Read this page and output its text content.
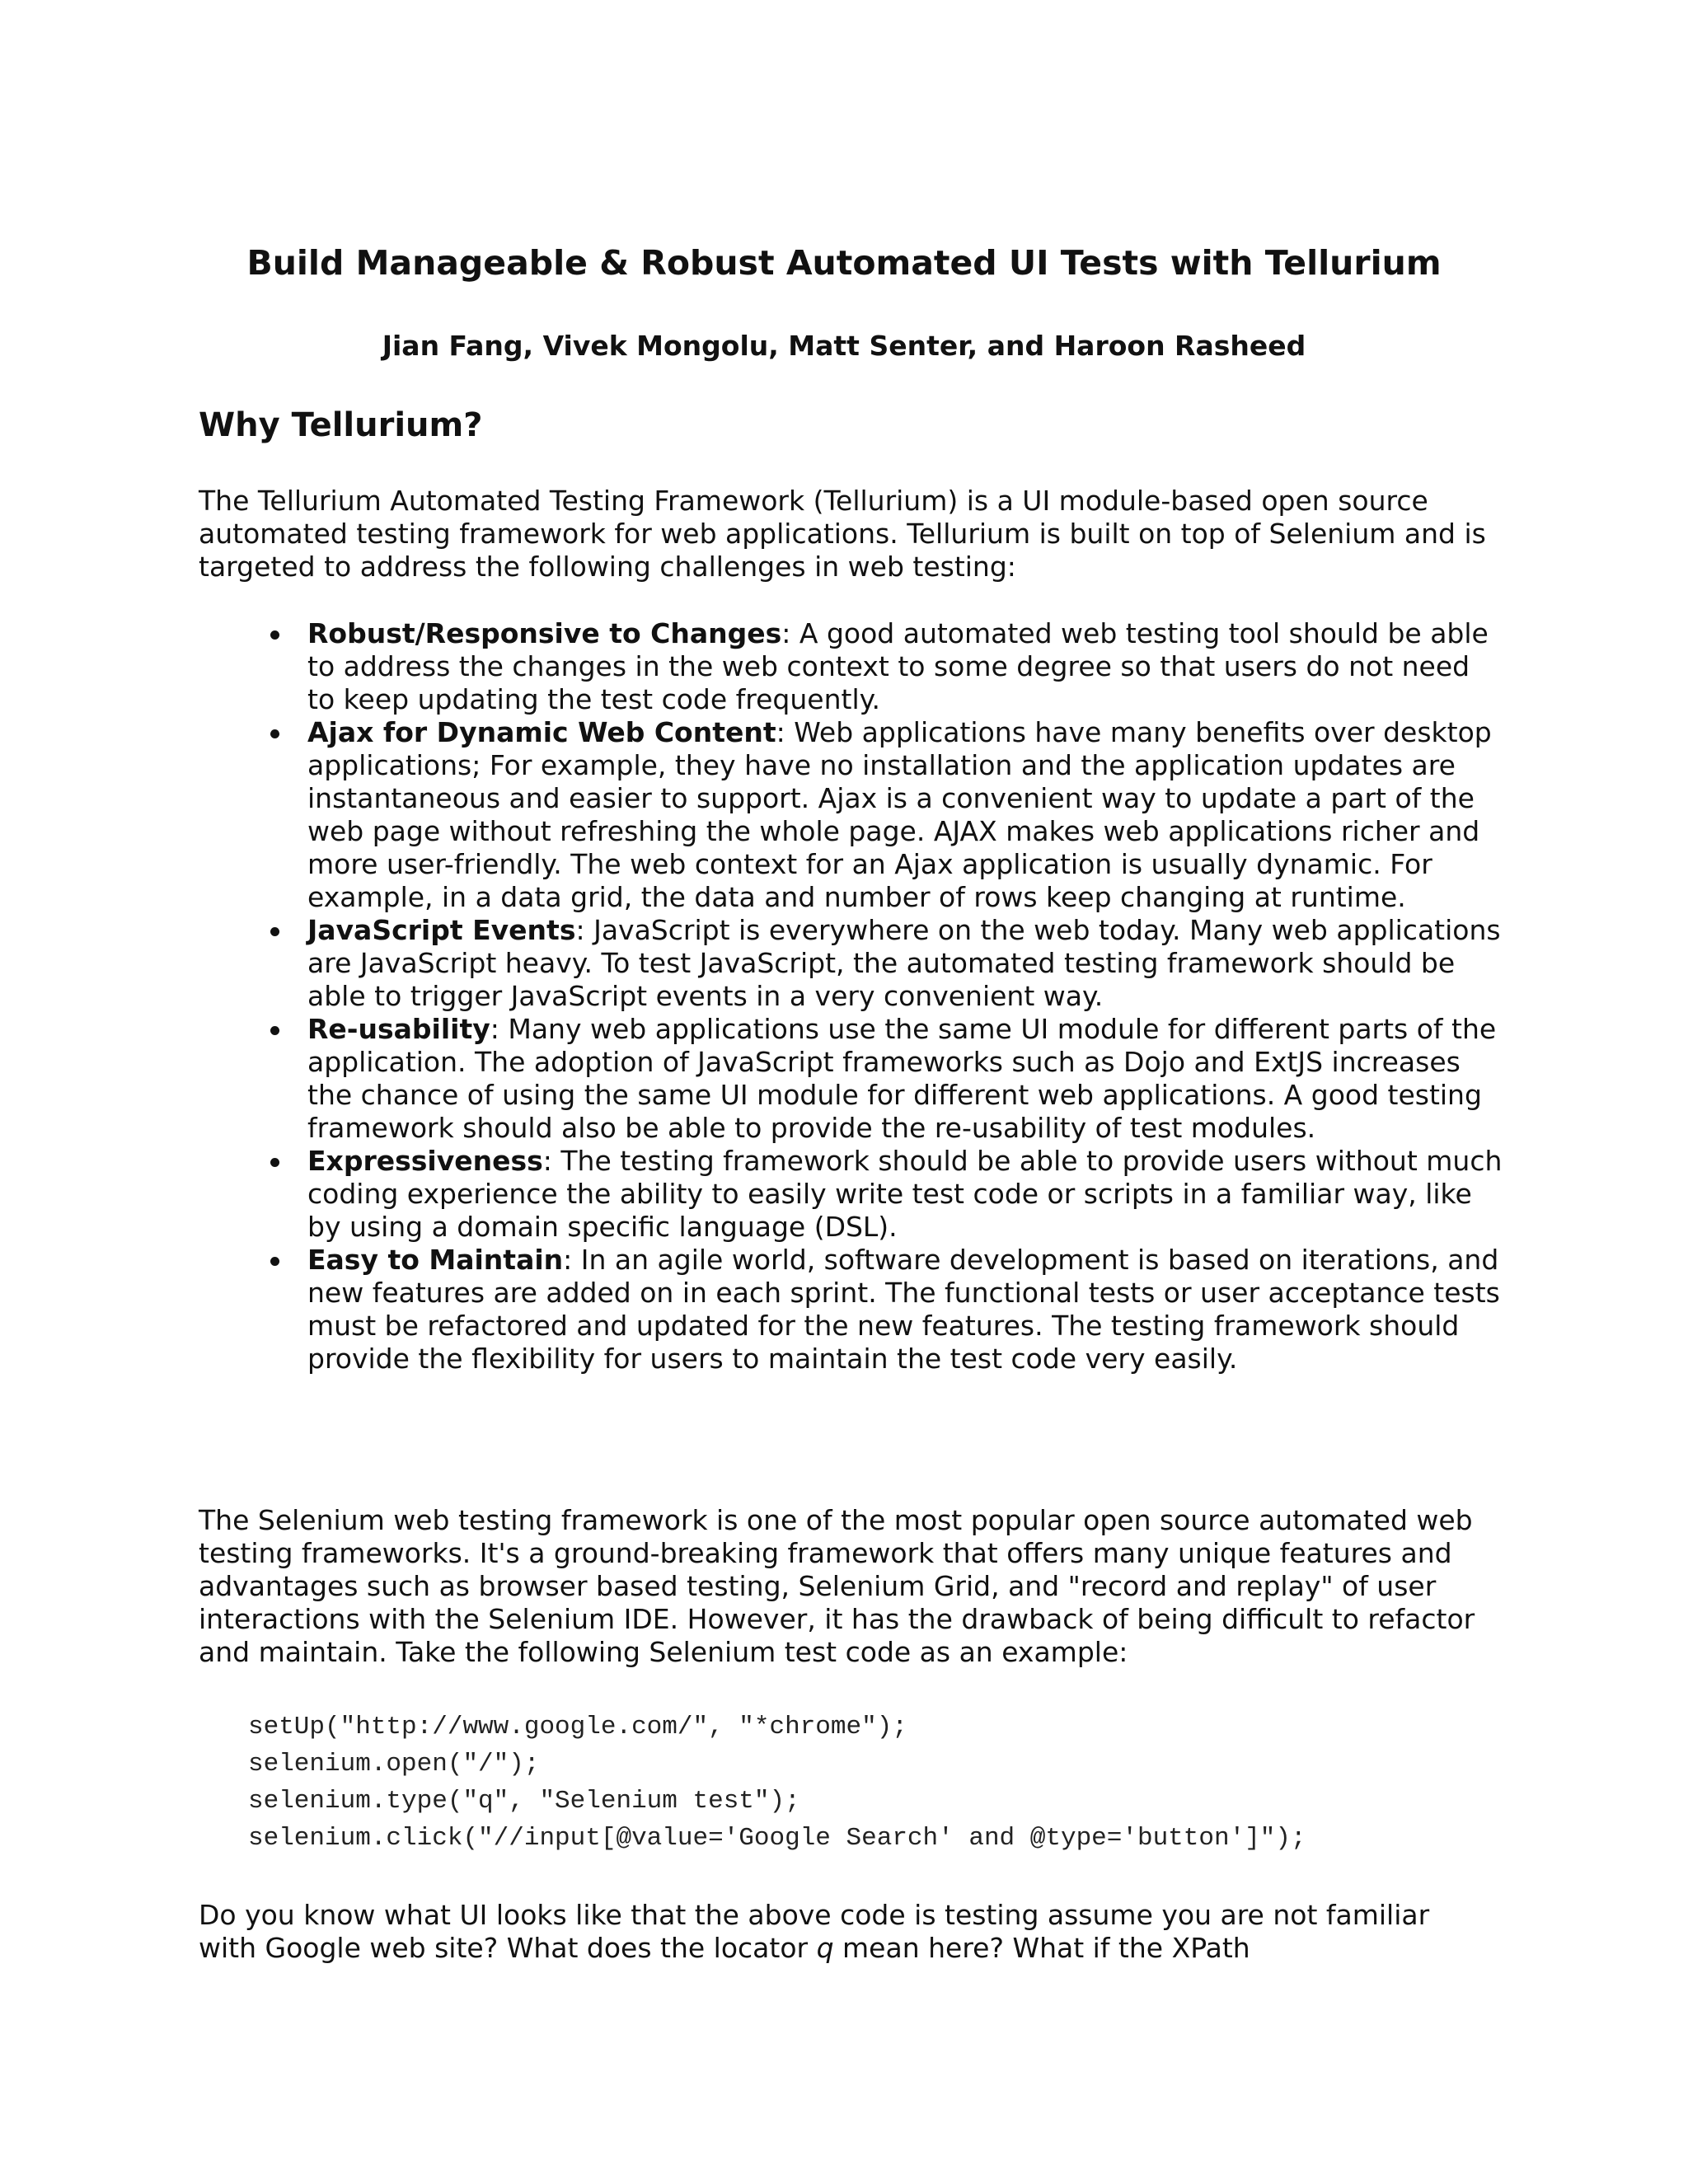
Build Manageable & Robust Automated UI Tests with Tellurium

Jian Fang, Vivek Mongolu, Matt Senter, and Haroon Rasheed

Why Tellurium?

The Tellurium Automated Testing Framework (Tellurium) is a UI module-based open source automated testing framework for web applications. Tellurium is built on top of Selenium and is targeted to address the following challenges in web testing:

Robust/Responsive to Changes: A good automated web testing tool should be able to address the changes in the web context to some degree so that users do not need to keep updating the test code frequently.
Ajax for Dynamic Web Content: Web applications have many benefits over desktop applications; For example, they have no installation and the application updates are instantaneous and easier to support. Ajax is a convenient way to update a part of the web page without refreshing the whole page. AJAX makes web applications richer and more user-friendly. The web context for an Ajax application is usually dynamic. For example, in a data grid, the data and number of rows keep changing at runtime.
JavaScript Events: JavaScript is everywhere on the web today. Many web applications are JavaScript heavy. To test JavaScript, the automated testing framework should be able to trigger JavaScript events in a very convenient way.
Re-usability: Many web applications use the same UI module for different parts of the application. The adoption of JavaScript frameworks such as Dojo and ExtJS increases the chance of using the same UI module for different web applications. A good testing framework should also be able to provide the re-usability of test modules.
Expressiveness: The testing framework should be able to provide users without much coding experience the ability to easily write test code or scripts in a familiar way, like by using a domain specific language (DSL).
Easy to Maintain: In an agile world, software development is based on iterations, and new features are added on in each sprint. The functional tests or user acceptance tests must be refactored and updated for the new features. The testing framework should provide the flexibility for users to maintain the test code very easily.

The Selenium web testing framework is one of the most popular open source automated web testing frameworks. It's a ground-breaking framework that offers many unique features and advantages such as browser based testing, Selenium Grid, and "record and replay" of user interactions with the Selenium IDE. However, it has the drawback of being difficult to refactor and maintain. Take the following Selenium test code as an example:

setUp("http://www.google.com/", "*chrome");
selenium.open("/");
selenium.type("q", "Selenium test");
selenium.click("//input[@value='Google Search' and @type='button']");

Do you know what UI looks like that the above code is testing assume you are not familiar with Google web site? What does the locator q mean here? What if the XPath
